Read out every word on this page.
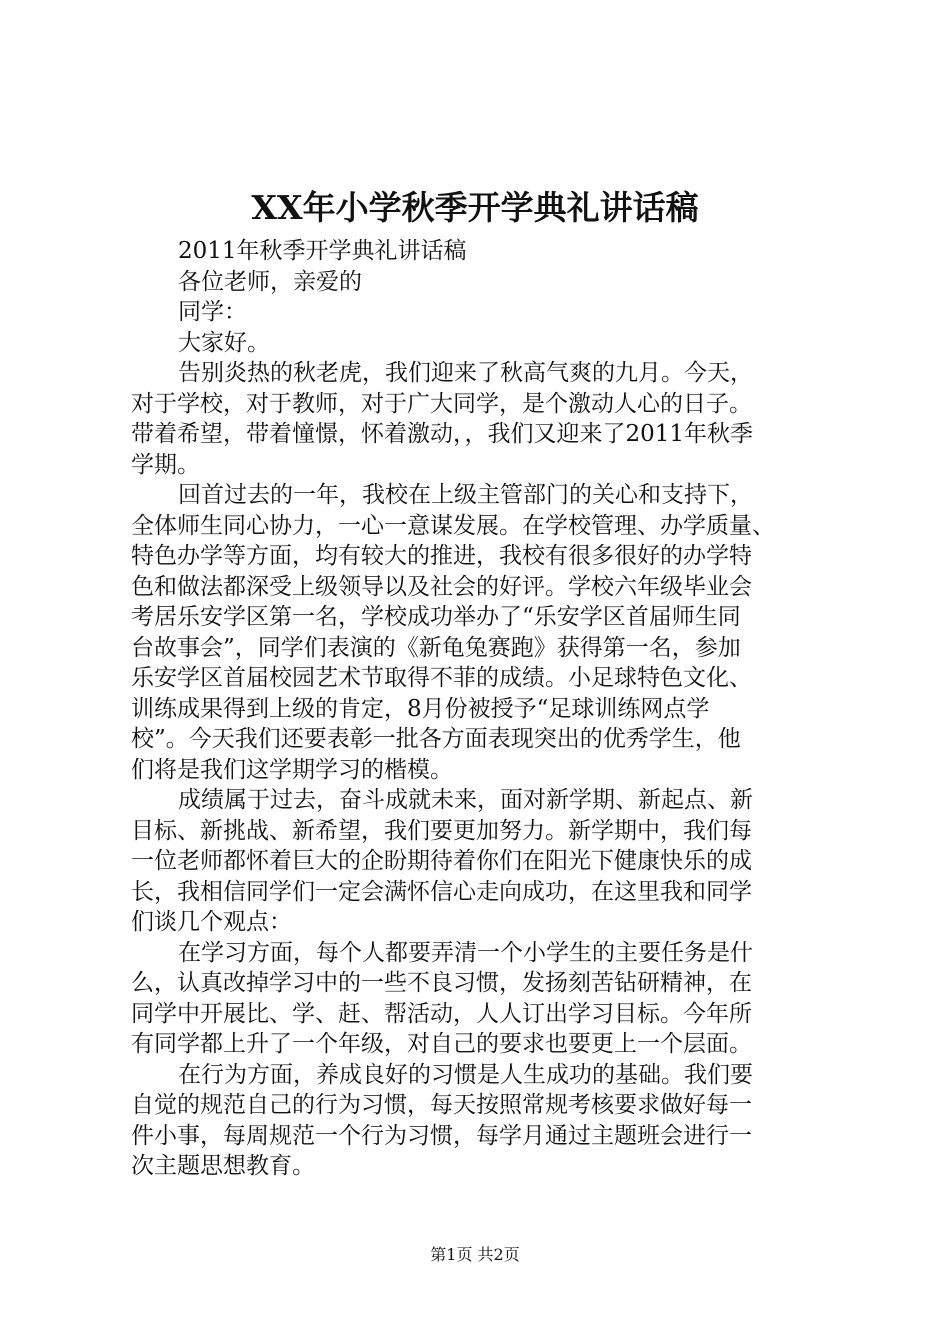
XX年小学秋季开学典礼讲话稿
2011年秋季开学典礼讲话稿
各位老师，亲爱的
同学：
大家好。
告别炎热的秋老虎，我们迎来了秋高气爽的九月。今天，
对于学校，对于教师，对于广大同学，是个激动人心的日子。
带着希望，带着憧憬，怀着激动，，我们又迎来了2011年秋季
学期。
回首过去的一年，我校在上级主管部门的关心和支持下，
全体师生同心协力，一心一意谋发展。在学校管理、办学质量、
特色办学等方面，均有较大的推进，我校有很多很好的办学特
色和做法都深受上级领导以及社会的好评。学校六年级毕业会
考居乐安学区第一名，学校成功举办了“乐安学区首届师生同
台故事会”，同学们表演的《新龟兔赛跑》获得第一名，参加
乐安学区首届校园艺术节取得不菲的成绩。小足球特色文化、
训练成果得到上级的肯定，8月份被授予“足球训练网点学
校”。今天我们还要表彰一批各方面表现突出的优秀学生，他
们将是我们这学期学习的楷模。
成绩属于过去，奋斗成就未来，面对新学期、新起点、新
目标、新挑战、新希望，我们要更加努力。新学期中，我们每
一位老师都怀着巨大的企盼期待着你们在阳光下健康快乐的成
长，我相信同学们一定会满怀信心走向成功，在这里我和同学
们谈几个观点：
在学习方面，每个人都要弄清一个小学生的主要任务是什
么，认真改掉学习中的一些不良习惯，发扬刻苦钻研精神，在
同学中开展比、学、赶、帮活动，人人订出学习目标。今年所
有同学都上升了一个年级，对自己的要求也要更上一个层面。
在行为方面，养成良好的习惯是人生成功的基础。我们要
自觉的规范自己的行为习惯，每天按照常规考核要求做好每一
件小事，每周规范一个行为习惯，每学月通过主题班会进行一
次主题思想教育。
第1页 共2页
